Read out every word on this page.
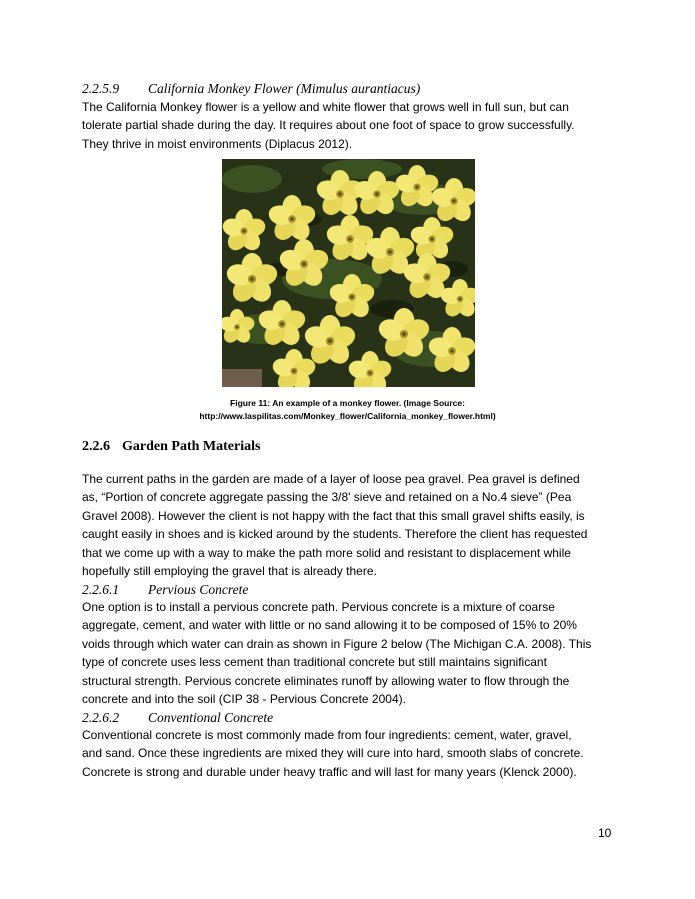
2.2.5.9 California Monkey Flower (Mimulus aurantiacus)
The California Monkey flower is a yellow and white flower that grows well in full sun, but can
tolerate partial shade during the day. It requires about one foot of space to grow successfully.
They thrive in moist environments (Diplacus 2012).
Figure 11: An example of a monkey flower. (Image Source:
http://www.laspilitas.com/Monkey_flower/California_monkey_flower.html)
2.2.6 Garden Path Materials
The current paths in the garden are made of a layer of loose pea gravel. Pea gravel is defined
as, “Portion of concrete aggregate passing the 3/8' sieve and retained on a No.4 sieve” (Pea
Gravel 2008). However the client is not happy with the fact that this small gravel shifts easily, is
caught easily in shoes and is kicked around by the students. Therefore the client has requested
that we come up with a way to make the path more solid and resistant to displacement while
hopefully still employing the gravel that is already there.
2.2.6.1 Pervious Concrete
One option is to install a pervious concrete path. Pervious concrete is a mixture of coarse
aggregate, cement, and water with little or no sand allowing it to be composed of 15% to 20%
voids through which water can drain as shown in Figure 2 below (The Michigan C.A. 2008). This
type of concrete uses less cement than traditional concrete but still maintains significant
structural strength. Pervious concrete eliminates runoff by allowing water to flow through the
concrete and into the soil (CIP 38 - Pervious Concrete 2004).
2.2.6.2 Conventional Concrete
Conventional concrete is most commonly made from four ingredients: cement, water, gravel,
and sand. Once these ingredients are mixed they will cure into hard, smooth slabs of concrete.
Concrete is strong and durable under heavy traffic and will last for many years (Klenck 2000).
10
